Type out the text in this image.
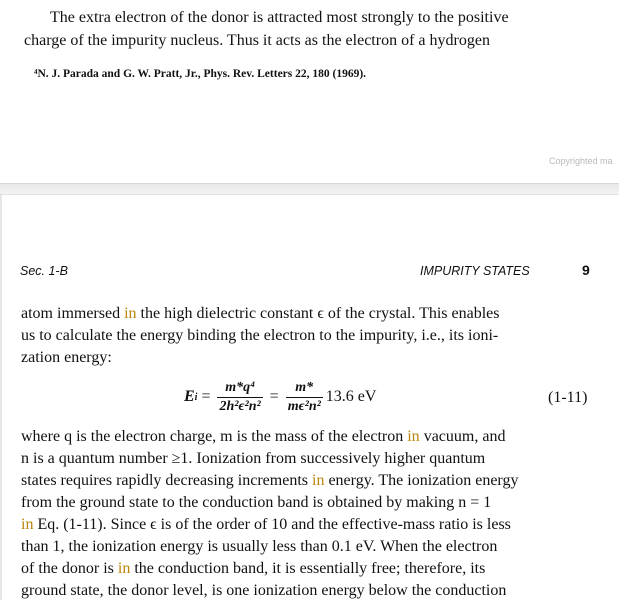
The extra electron of the donor is attracted most strongly to the positive
charge of the impurity nucleus. Thus it acts as the electron of a hydrogen
⁴N. J. Parada and G. W. Pratt, Jr., Phys. Rev. Letters 22, 180 (1969).
Copyrighted ma
Sec. 1-B	IMPURITY STATES	9
atom immersed in the high dielectric constant ϵ of the crystal. This enables
us to calculate the energy binding the electron to the impurity, i.e., its ioni-
zation energy:
E $i = \frac{\text{m*q⁴}}{\text{2h²ϵ²n²}} = \frac{m*}{\text{mϵ²n²}} 13.6$ eV	(1-11)
where q is the electron charge, m is the mass of the electron in vacuum, and
n is a quantum number ≥1. Ionization from successively higher quantum
states requires rapidly decreasing increments in energy. The ionization energy
from the ground state to the conduction band is obtained by making n = 1
in Eq. (1-11). Since ϵ is of the order of 10 and the effective-mass ratio is less
than 1, the ionization energy is usually less than 0.1 eV. When the electron
of the donor is in the conduction band, it is essentially free; therefore, its
ground state, the donor level, is one ionization energy below the conduction
